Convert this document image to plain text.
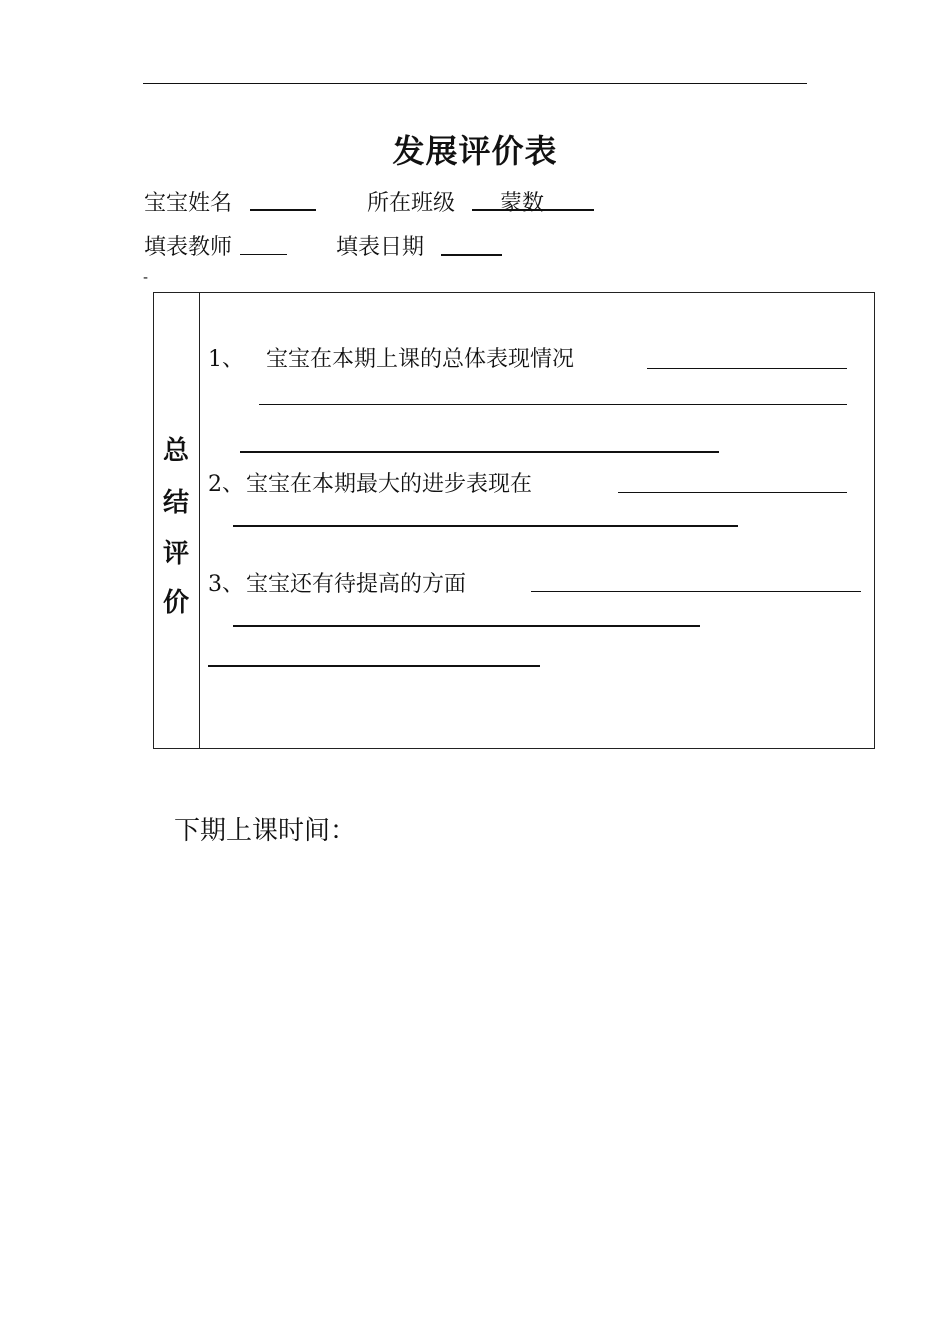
发展评价表
宝宝姓名	所在班级 蒙数
填表教师	填表日期
-
总
结
评
价
1、 宝宝在本期上课的总体表现情况
2、 宝宝在本期最大的进步表现在
3、 宝宝还有待提高的方面
下期上课时间：
